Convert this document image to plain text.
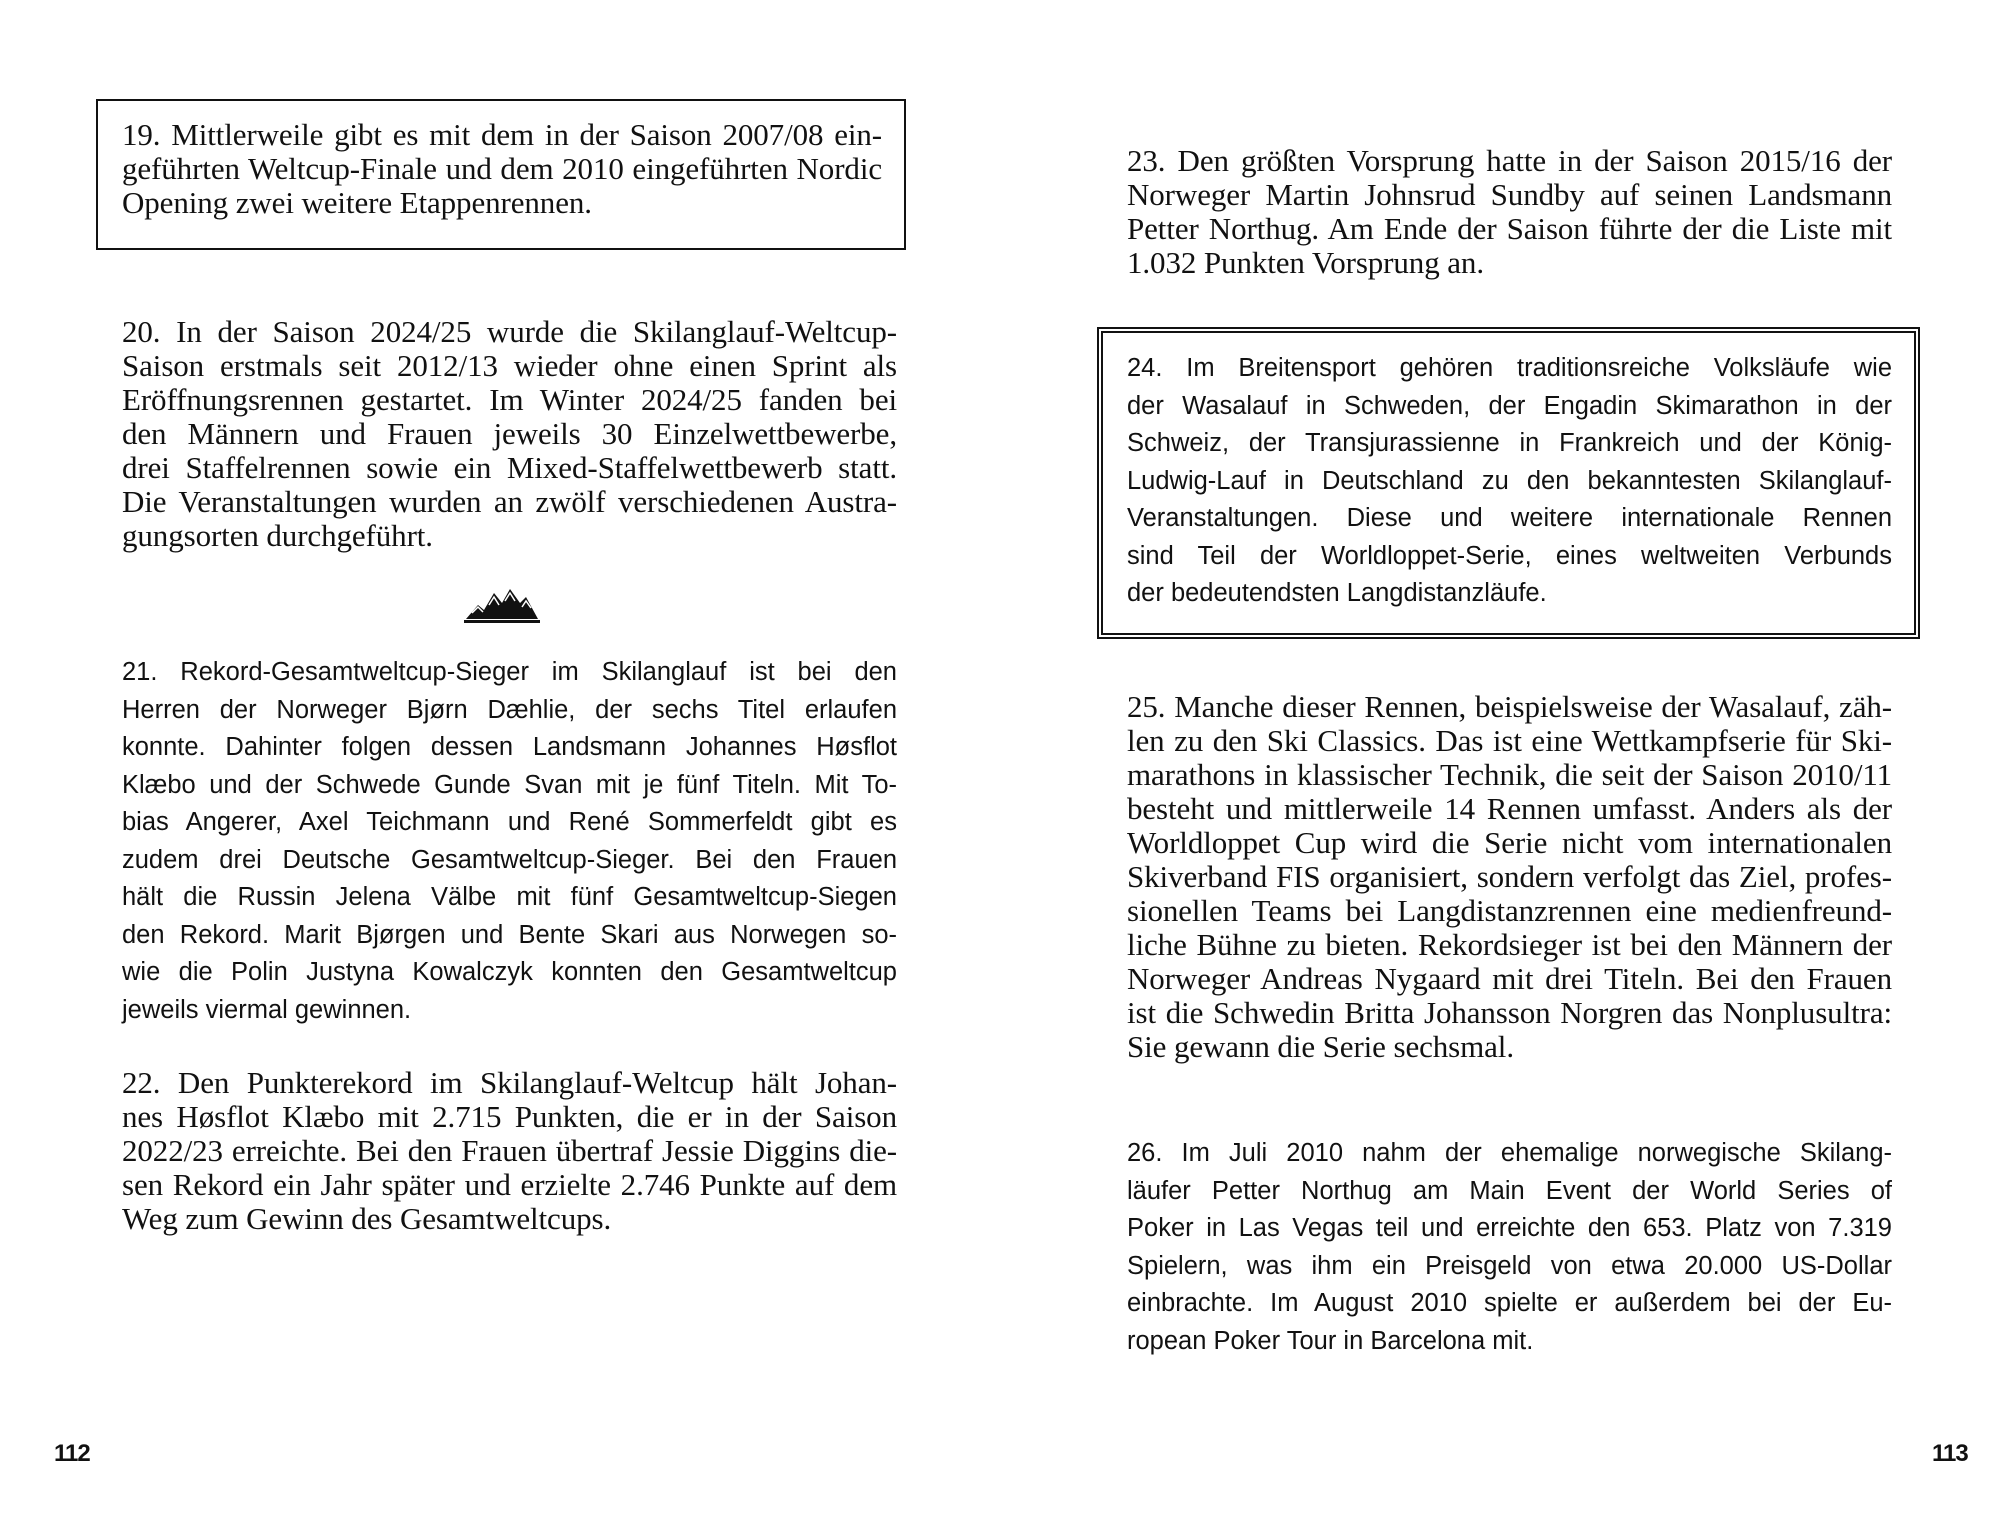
19. Mittlerweile gibt es mit dem in der Saison 2007/08 ein-
geführten Weltcup-Finale und dem 2010 eingeführten Nordic
Opening zwei weitere Etappenrennen.
20. In der Saison 2024/25 wurde die Skilanglauf-Weltcup-
Saison erstmals seit 2012/13 wieder ohne einen Sprint als
Eröffnungsrennen gestartet. Im Winter 2024/25 fanden bei
den Männern und Frauen jeweils 30 Einzelwettbewerbe,
drei Staffelrennen sowie ein Mixed-Staffelwettbewerb statt.
Die Veranstaltungen wurden an zwölf verschiedenen Austra-
gungsorten durchgeführt.
21. Rekord-Gesamtweltcup-Sieger im Skilanglauf ist bei den
Herren der Norweger Bjørn Dæhlie, der sechs Titel erlaufen
konnte. Dahinter folgen dessen Landsmann Johannes Høsflot
Klæbo und der Schwede Gunde Svan mit je fünf Titeln. Mit To-
bias Angerer, Axel Teichmann und René Sommerfeldt gibt es
zudem drei Deutsche Gesamtweltcup-Sieger. Bei den Frauen
hält die Russin Jelena Välbe mit fünf Gesamtweltcup-Siegen
den Rekord. Marit Bjørgen und Bente Skari aus Norwegen so-
wie die Polin Justyna Kowalczyk konnten den Gesamtweltcup
jeweils viermal gewinnen.
22. Den Punkterekord im Skilanglauf-Weltcup hält Johan-
nes Høsflot Klæbo mit 2.715 Punkten, die er in der Saison
2022/23 erreichte. Bei den Frauen übertraf Jessie Diggins die-
sen Rekord ein Jahr später und erzielte 2.746 Punkte auf dem
Weg zum Gewinn des Gesamtweltcups.
112
23. Den größten Vorsprung hatte in der Saison 2015/16 der
Norweger Martin Johnsrud Sundby auf seinen Landsmann
Petter Northug. Am Ende der Saison führte der die Liste mit
1.032 Punkten Vorsprung an.
24. Im Breitensport gehören traditionsreiche Volksläufe wie
der Wasalauf in Schweden, der Engadin Skimarathon in der
Schweiz, der Transjurassienne in Frankreich und der König-
Ludwig-Lauf in Deutschland zu den bekanntesten Skilanglauf-
Veranstaltungen. Diese und weitere internationale Rennen
sind Teil der Worldloppet-Serie, eines weltweiten Verbunds
der bedeutendsten Langdistanzläufe.
25. Manche dieser Rennen, beispielsweise der Wasalauf, zäh-
len zu den Ski Classics. Das ist eine Wettkampfserie für Ski-
marathons in klassischer Technik, die seit der Saison 2010/11
besteht und mittlerweile 14 Rennen umfasst. Anders als der
Worldloppet Cup wird die Serie nicht vom internationalen
Skiverband FIS organisiert, sondern verfolgt das Ziel, profes-
sionellen Teams bei Langdistanzrennen eine medienfreund-
liche Bühne zu bieten. Rekordsieger ist bei den Männern der
Norweger Andreas Nygaard mit drei Titeln. Bei den Frauen
ist die Schwedin Britta Johansson Norgren das Nonplusultra:
Sie gewann die Serie sechsmal.
26. Im Juli 2010 nahm der ehemalige norwegische Skilang-
läufer Petter Northug am Main Event der World Series of
Poker in Las Vegas teil und erreichte den 653. Platz von 7.319
Spielern, was ihm ein Preisgeld von etwa 20.000 US-Dollar
einbrachte. Im August 2010 spielte er außerdem bei der Eu-
ropean Poker Tour in Barcelona mit.
113
